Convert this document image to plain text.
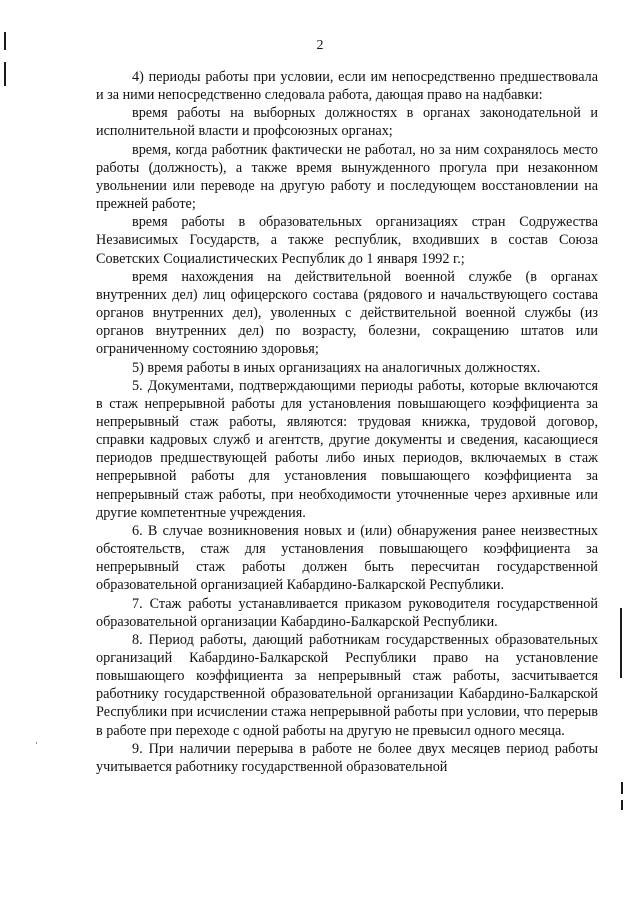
2

4) периоды работы при условии, если им непосредственно предшествовала и за ними непосредственно следовала работа, дающая право на надбавки:

время работы на выборных должностях в органах законодательной и исполнительной власти и профсоюзных органах;

время, когда работник фактически не работал, но за ним сохранялось место работы (должность), а также время вынужденного прогула при незаконном увольнении или переводе на другую работу и последующем восстановлении на прежней работе;

время работы в образовательных организациях стран Содружества Независимых Государств, а также республик, входивших в состав Союза Советских Социалистических Республик до 1 января 1992 г.;

время нахождения на действительной военной службе (в органах внутренних дел) лиц офицерского состава (рядового и начальствующего состава органов внутренних дел), уволенных с действительной военной службы (из органов внутренних дел) по возрасту, болезни, сокращению штатов или ограниченному состоянию здоровья;

5) время работы в иных организациях на аналогичных должностях.

5. Документами, подтверждающими периоды работы, которые включаются в стаж непрерывной работы для установления повышающего коэффициента за непрерывный стаж работы, являются: трудовая книжка, трудовой договор, справки кадровых служб и агентств, другие документы и сведения, касающиеся периодов предшествующей работы либо иных периодов, включаемых в стаж непрерывной работы для установления повышающего коэффициента за непрерывный стаж работы, при необходимости уточненные через архивные или другие компетентные учреждения.

6. В случае возникновения новых и (или) обнаружения ранее неизвестных обстоятельств, стаж для установления повышающего коэффициента за непрерывный стаж работы должен быть пересчитан государственной образовательной организацией Кабардино-Балкарской Республики.

7. Стаж работы устанавливается приказом руководителя государственной образовательной организации Кабардино-Балкарской Республики.

8. Период работы, дающий работникам государственных образовательных организаций Кабардино-Балкарской Республики право на установление повышающего коэффициента за непрерывный стаж работы, засчитывается работнику государственной образовательной организации Кабардино-Балкарской Республики при исчислении стажа непрерывной работы при условии, что перерыв в работе при переходе с одной работы на другую не превысил одного месяца.

9. При наличии перерыва в работе не более двух месяцев период работы учитывается работнику государственной образовательной
